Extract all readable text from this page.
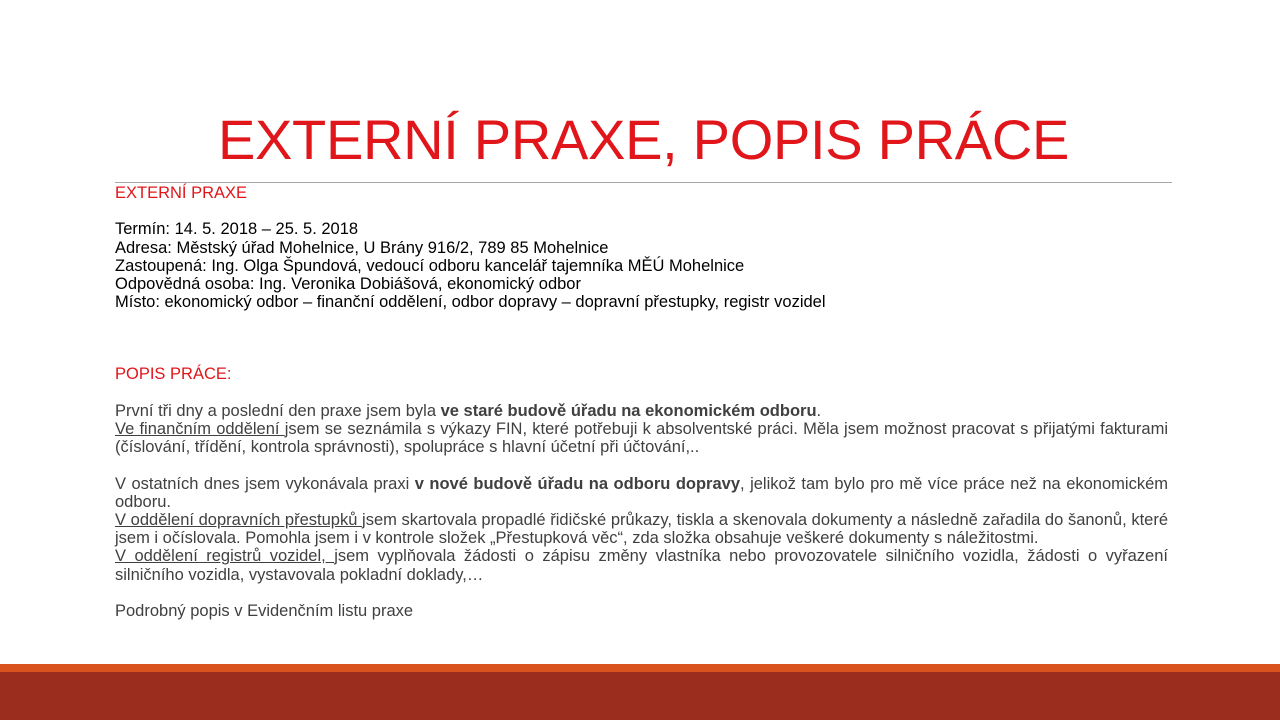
EXTERNÍ PRAXE, POPIS PRÁCE
EXTERNÍ PRAXE
Termín: 14. 5. 2018 – 25. 5. 2018
Adresa: Městský úřad Mohelnice, U Brány 916/2, 789 85 Mohelnice
Zastoupená: Ing. Olga Špundová, vedoucí odboru kancelář tajemníka MĚÚ Mohelnice
Odpovědná osoba: Ing. Veronika Dobiášová, ekonomický odbor
Místo: ekonomický odbor – finanční oddělení, odbor dopravy – dopravní přestupky, registr vozidel
POPIS PRÁCE:
První tři dny a poslední den praxe jsem byla ve staré budově úřadu na ekonomickém odboru.
Ve finančním oddělení jsem se seznámila s výkazy FIN, které potřebuji k absolventské práci. Měla jsem možnost pracovat s přijatými fakturami (číslování, třídění, kontrola správnosti), spolupráce s hlavní účetní při účtování,..
V ostatních dnes jsem vykonávala praxi v nové budově úřadu na odboru dopravy, jelikož tam bylo pro mě více práce než na ekonomickém odboru.
V oddělení dopravních přestupků jsem skartovala propadlé řidičské průkazy, tiskla a skenovala dokumenty a následně zařadila do šanonů, které jsem i očíslovala. Pomohla jsem i v kontrole složek „Přestupková věc“, zda složka obsahuje veškeré dokumenty s náležitostmi.
V oddělení registrů vozidel, jsem vyplňovala žádosti o zápisu změny vlastníka nebo provozovatele silničního vozidla, žádosti o vyřazení silničního vozidla, vystavovala pokladní doklady,…
Podrobný popis v Evidenčním listu praxe
